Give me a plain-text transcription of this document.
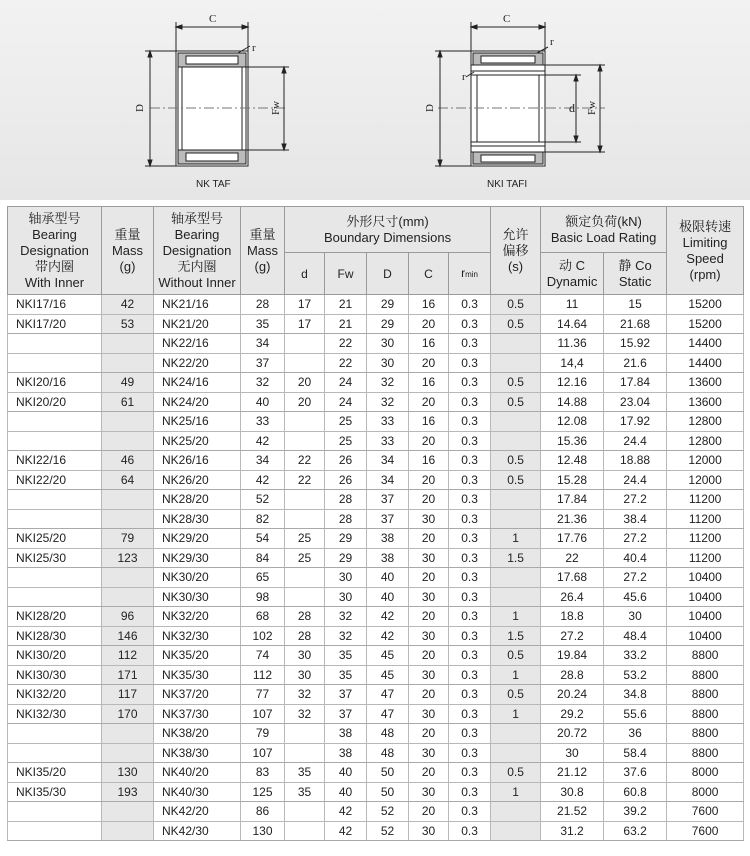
C
r
D	Fw
NK TAF
C
r
r
D	d Fw
NKI TAFI
轴承型号
Bearing
Designation
带内圈
With Inner	重量
Mass
(g)	轴承型号
Bearing
Designation
无内圈
Without Inner	重量
Mass
(g)	外形尺寸(mm)
Boundary Dimensions					允许
偏移
(s)	额定负荷(kN)
Basic Load Rating		极限转速
Limiting
Speed
(rpm)

				d	Fw	D	C	rmin		动 C
Dynamic	静 Co
Static	

NKI17/16	42	NK21/16	28	17	21	29	16	0.3	0.5	11	15	15200
NKI17/20	53	NK21/20	35	17	21	29	20	0.3	0.5	14.64	21.68	15200
		NK22/16	34		22	30	16	0.3		11.36	15.92	14400
		NK22/20	37		22	30	20	0.3		14,4	21.6	14400
NKI20/16	49	NK24/16	32	20	24	32	16	0.3	0.5	12.16	17.84	13600
NKI20/20	61	NK24/20	40	20	24	32	20	0.3	0.5	14.88	23.04	13600
		NK25/16	33		25	33	16	0.3		12.08	17.92	12800
		NK25/20	42		25	33	20	0.3		15.36	24.4	12800
NKI22/16	46	NK26/16	34	22	26	34	16	0.3	0.5	12.48	18.88	12000
NKI22/20	64	NK26/20	42	22	26	34	20	0.3	0.5	15.28	24.4	12000
		NK28/20	52		28	37	20	0.3		17.84	27.2	11200
		NK28/30	82		28	37	30	0.3		21.36	38.4	11200
NKI25/20	79	NK29/20	54	25	29	38	20	0.3	1	17.76	27.2	11200
NKI25/30	123	NK29/30	84	25	29	38	30	0.3	1.5	22	40.4	11200
		NK30/20	65		30	40	20	0.3		17.68	27.2	10400
		NK30/30	98		30	40	30	0.3		26.4	45.6	10400
NKI28/20	96	NK32/20	68	28	32	42	20	0.3	1	18.8	30	10400
NKI28/30	146	NK32/30	102	28	32	42	30	0.3	1.5	27.2	48.4	10400
NKI30/20	112	NK35/20	74	30	35	45	20	0.3	0.5	19.84	33.2	8800
NKI30/30	171	NK35/30	112	30	35	45	30	0.3	1	28.8	53.2	8800
NKI32/20	117	NK37/20	77	32	37	47	20	0.3	0.5	20.24	34.8	8800
NKI32/30	170	NK37/30	107	32	37	47	30	0.3	1	29.2	55.6	8800
		NK38/20	79		38	48	20	0.3		20.72	36	8800
		NK38/30	107		38	48	30	0.3		30	58.4	8800
NKI35/20	130	NK40/20	83	35	40	50	20	0.3	0.5	21.12	37.6	8000
NKI35/30	193	NK40/30	125	35	40	50	30	0.3	1	30.8	60.8	8000
		NK42/20	86		42	52	20	0.3		21.52	39.2	7600
		NK42/30	130		42	52	30	0.3		31.2	63.2	7600
